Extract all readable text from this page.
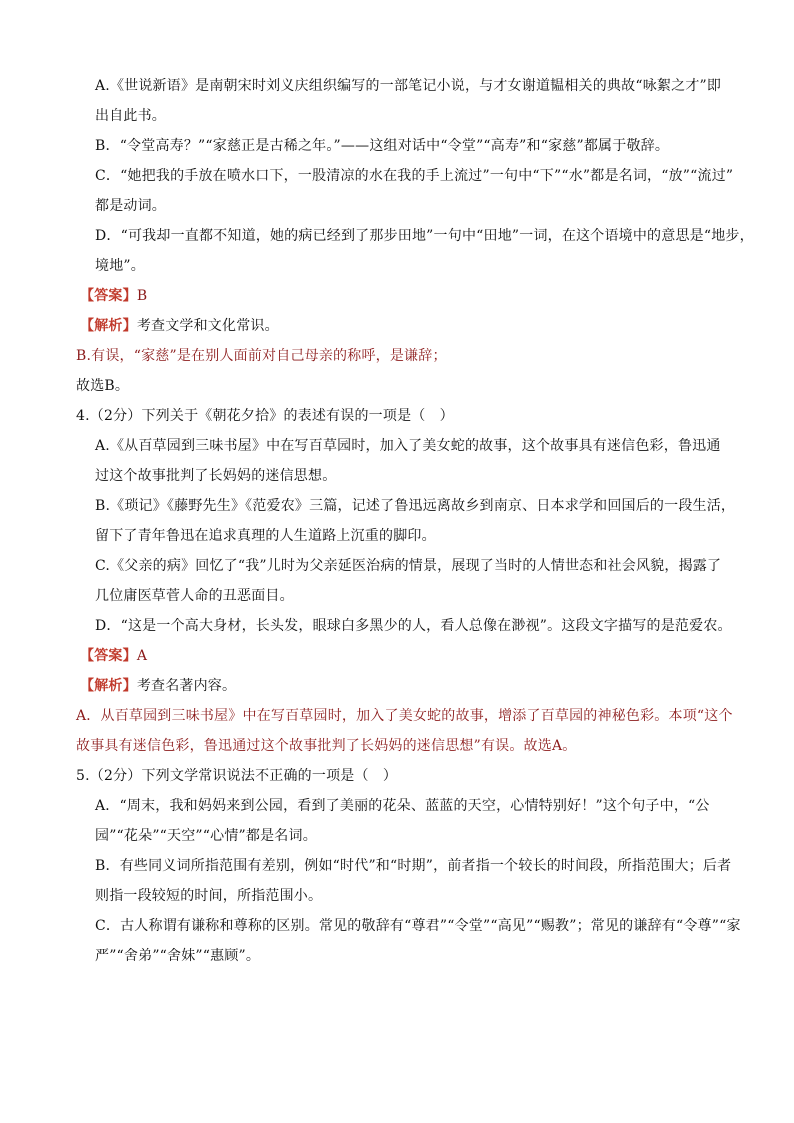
A.《世说新语》是南朝宋时刘义庆组织编写的一部笔记小说，与才女谢道韫相关的典故“咏絮之才”即
出自此书。
B．“令堂高寿？”“家慈正是古稀之年。”——这组对话中“令堂”“高寿”和“家慈”都属于敬辞。
C．“她把我的手放在喷水口下，一股清凉的水在我的手上流过”一句中“下”“水”都是名词，“放”“流过”
都是动词。
D．“可我却一直都不知道，她的病已经到了那步田地”一句中“田地”一词，在这个语境中的意思是“地步，
境地”。
【答案】B
【解析】考查文学和文化常识。
B.有误，“家慈”是在别人面前对自己母亲的称呼，是谦辞；
故选B。
4.（2分）下列关于《朝花夕拾》的表述有误的一项是（　）
A.《从百草园到三味书屋》中在写百草园时，加入了美女蛇的故事，这个故事具有迷信色彩，鲁迅通
过这个故事批判了长妈妈的迷信思想。
B.《琐记》《藤野先生》《范爱农》三篇，记述了鲁迅远离故乡到南京、日本求学和回国后的一段生活，
留下了青年鲁迅在追求真理的人生道路上沉重的脚印。
C.《父亲的病》回忆了“我”儿时为父亲延医治病的情景，展现了当时的人情世态和社会风貌，揭露了
几位庸医草菅人命的丑恶面目。
D．“这是一个高大身材，长头发，眼球白多黑少的人，看人总像在渺视”。这段文字描写的是范爱农。
【答案】A
【解析】考查名著内容。
A．从百草园到三味书屋》中在写百草园时，加入了美女蛇的故事，增添了百草园的神秘色彩。本项“这个
故事具有迷信色彩，鲁迅通过这个故事批判了长妈妈的迷信思想”有误。故选A。
5.（2分）下列文学常识说法不正确的一项是（　）
A．“周末，我和妈妈来到公园，看到了美丽的花朵、蓝蓝的天空，心情特别好！”这个句子中，“公
园”“花朵”“天空”“心情”都是名词。
B．有些同义词所指范围有差别，例如“时代”和“时期”，前者指一个较长的时间段，所指范围大；后者
则指一段较短的时间，所指范围小。
C．古人称谓有谦称和尊称的区别。常见的敬辞有“尊君”“令堂”“高见”“赐教”；常见的谦辞有“令尊”“家
严”“舍弟”“舍妹”“惠顾”。
